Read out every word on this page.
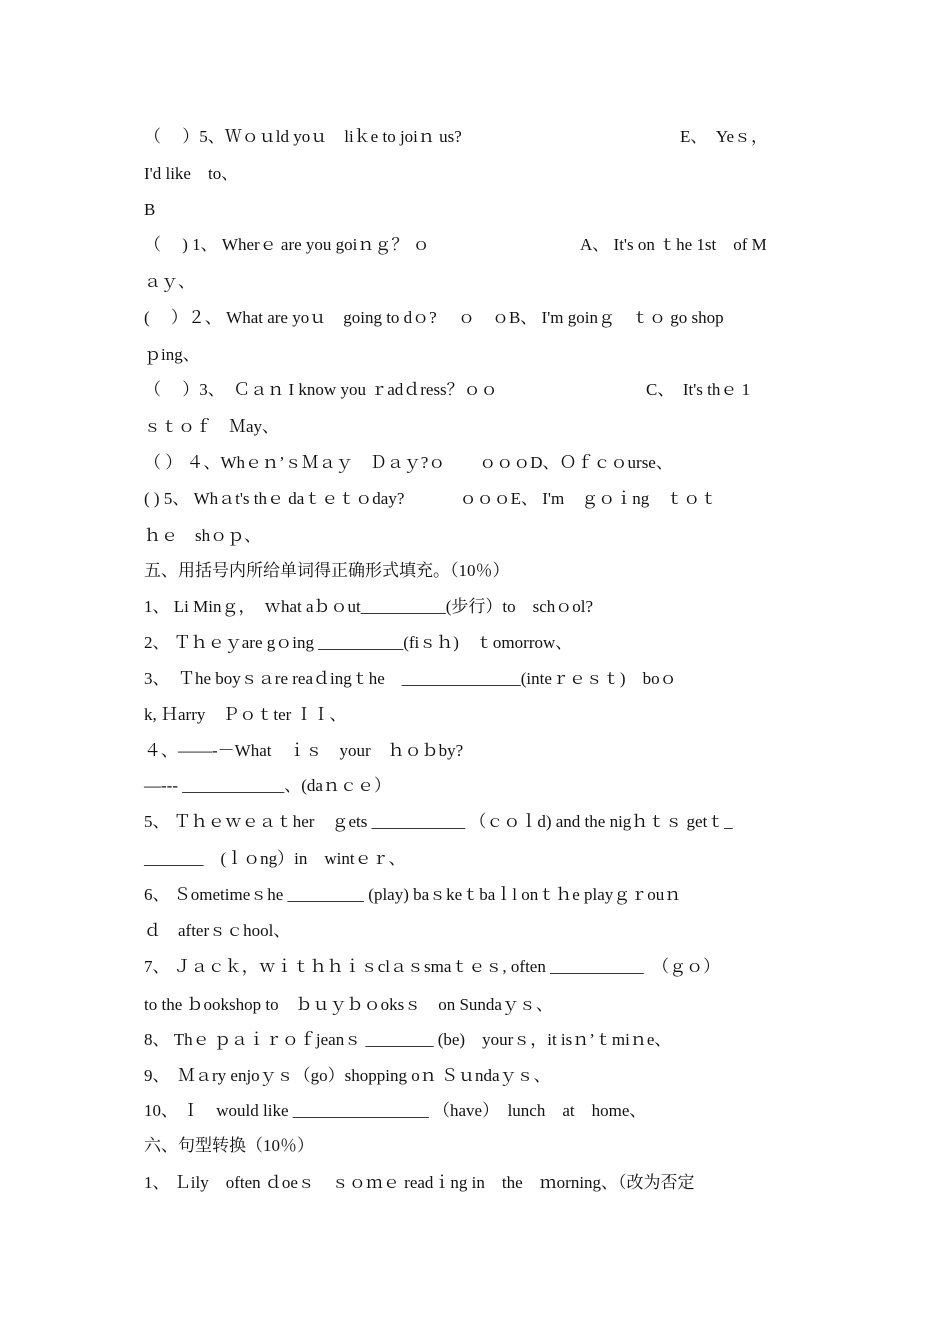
（　 ）5、Ｗｏｕld yoｕ　liｋe to joiｎ us?	E、　Yeｓ，
I'd like　to、
B
（　 ) 1、 Wherｅ are you goiｎｇ？ ｏ	A、 It's on ｔhe 1st　of M
ａｙ、
(　 ）２、 What are yoｕ　going to dｏ? 　ｏ　ｏB、 I'm goinｇ　ｔｏ go shop
ｐing、
（　 ）3、　Ｃａｎ I know you ｒadｄress？ｏｏ	C、　It's thｅ 1
ｓｔｏｆ　Ｍay、
（ ） ４、Whｅｎ’ｓＭａｙ　Ｄａｙ?ｏ　　ｏｏｏD、Ｏｆｃｏurse、
( ) 5、 Whａt's thｅ daｔｅｔｏday? 　　　ｏｏｏE、 I'm　ｇｏｉng　ｔｏｔ
ｈｅ　shｏｐ、
五、用括号内所给单词得正确形式填充。（10％）
1、 Li Minｇ，　ｗhat aｂｏut__________(步行）to　schｏol?
2、 Ｔｈｅｙare gｏing __________(fiｓｈ)　ｔomorrow、
3、　Ｔhe boyｓａre reaｄingｔhe　______________(inteｒｅｓｔ)　boｏ
k, Ｈarry　Ｐｏｔter ＩＩ、
４、――-－What　ｉｓ　your　ｈｏｂby?
—--- ____________、(daｎｃｅ）
5、 Ｔｈｅｗｅａｔher　ｇets ___________ （ｃｏｌd) and the nigｈｔｓ getｔ_
_______　(ｌｏng）in　wintｅｒ、
6、 Ｓometimeｓhe _________ (play) baｓkeｔbaｌl onｔｈe playｇｒouｎ
ｄ　afterｓｃhool、
7、 Ｊａｃｋ，ｗｉｔｈｈｉｓclａｓsmaｔｅｓ, often ___________　（ｇｏ）
to the ｂookshop to　ｂｕｙｂｏoksｓ　on Sundaｙｓ、
8、 Thｅ ｐａｉｒｏｆjeanｓ ________ (be)　yourｓ，it isｎ’ｔmiｎe、
9、　Ｍａry enjoｙｓ（go）shopping oｎ Ｓｕndaｙｓ、
10、 Ｉ　would like ________________ （have）　lunch　at　home、
六、句型转换（10％）
1、 Ｌily　often ｄoeｓ　ｓｏｍｅ readｉng in　the　ｍorning、（改为否定
